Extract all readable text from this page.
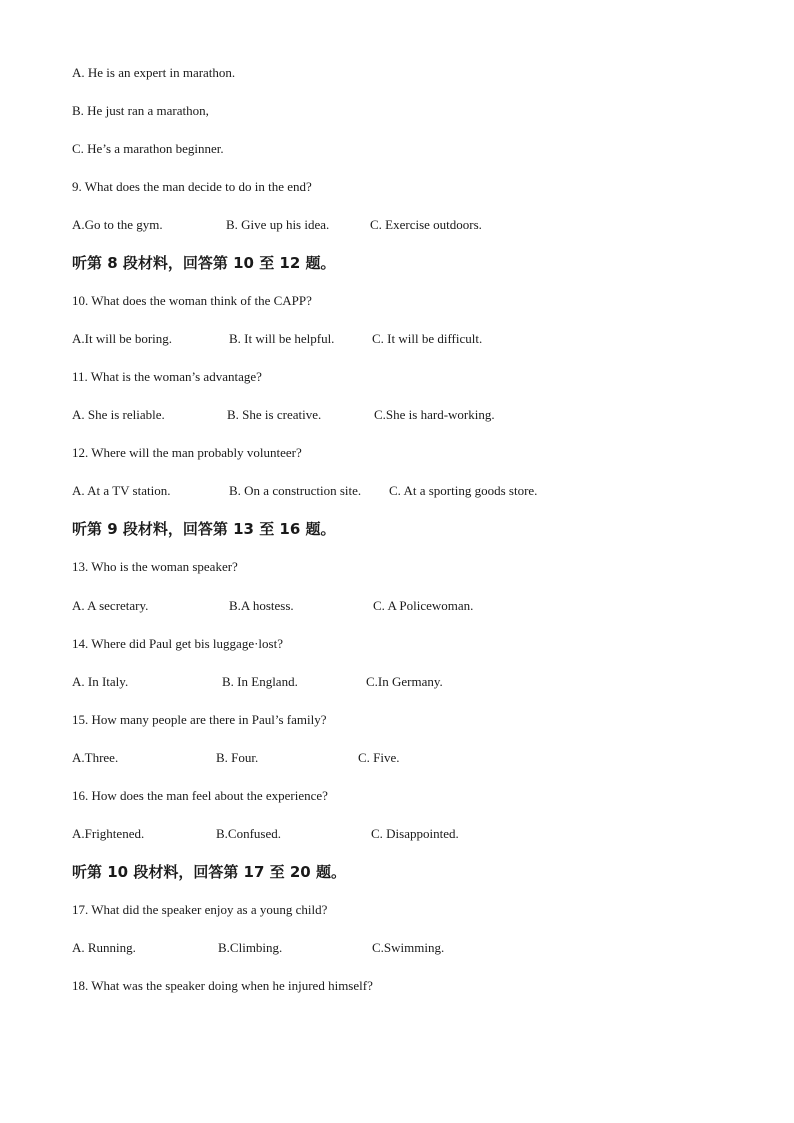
A. He is an expert in marathon.
B. He just ran a marathon,
C. He’s a marathon beginner.
9. What does the man decide to do in the end?
A.Go to the gym.	B. Give up his idea.	C. Exercise outdoors.
听第 8 段材料，回答第 10 至 12 题。
10. What does the woman think of the CAPP?
A.It will be boring.	B. It will be helpful.	C. It will be difficult.
11. What is the woman’s advantage?
A. She is reliable.	B. She is creative.	C.She is hard-working.
12. Where will the man probably volunteer?
A. At a TV station.	B. On a construction site. C. At a sporting goods store.
听第 9 段材料，回答第 13 至 16 题。
13. Who is the woman speaker?
A. A secretary.	B.A hostess.	C. A Policewoman.
14. Where did Paul get bis luggage·lost?
A. In Italy.	B. In England.	C.In Germany.
15. How many people are there in Paul’s family?
A.Three.	B. Four.	C. Five.
16. How does the man feel about the experience?
A.Frightened.	B.Confused.	C. Disappointed.
听第 10 段材料，回答第 17 至 20 题。
17. What did the speaker enjoy as a young child?
A. Running.	B.Climbing.	C.Swimming.
18. What was the speaker doing when he injured himself?
